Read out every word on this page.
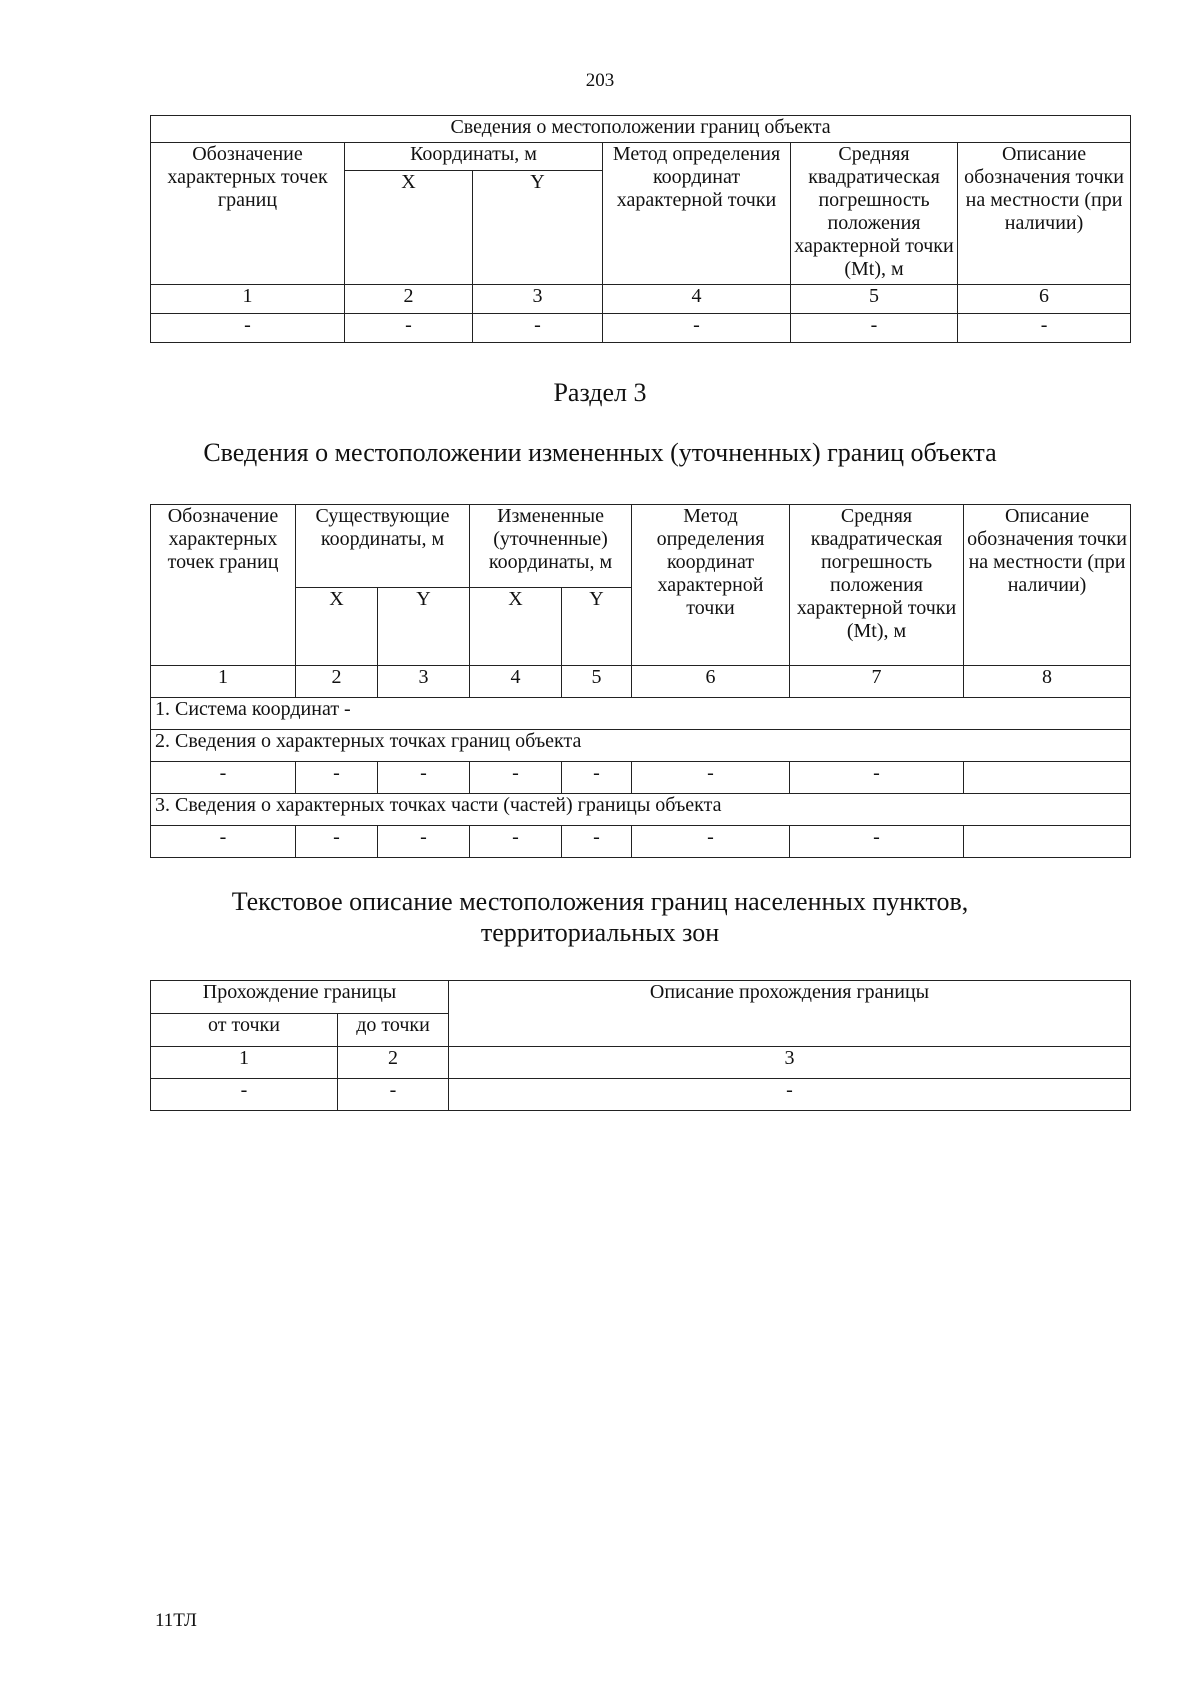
203
Сведения о местоположении границ объекта					
Обозначение характерных точек границ	Координаты, м		Метод определения координат характерной точки	Средняя квадратическая погрешность положения характерной точки (Mt), м	Описание обозначения точки на местности (при наличии)
	X	Y			
1	2	3	4	5	6
-	-	-	-	-	-
Раздел 3
Сведения о местоположении измененных (уточненных) границ объекта
Обозначение характерных точек границ	Существующие координаты, м		Измененные (уточненные) координаты, м		Метод определения координат характерной точки	Средняя квадратическая погрешность положения характерной точки (Mt), м	Описание обозначения точки на местности (при наличии)
	X	Y	X	Y			
1	2	3	4	5	6	7	8
1. Система координат -							
2. Сведения о характерных точках границ объекта							
-	-	-	-	-	-	-	
3. Сведения о характерных точках части (частей) границы объекта							
-	-	-	-	-	-	-	
Текстовое описание местоположения границ населенных пунктов,
территориальных зон
Прохождение границы		Описание прохождения границы
от точки	до точки	
1	2	3
-	-	-
11ТЛ
